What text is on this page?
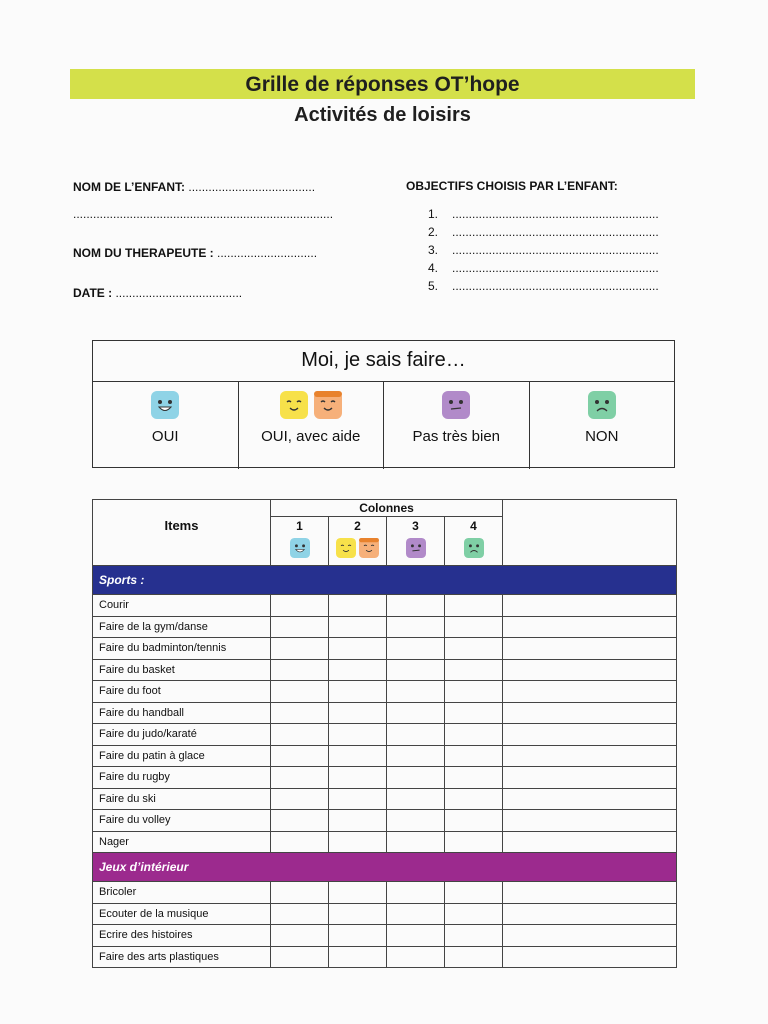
Grille de réponses OT’hope
Activités de loisirs
NOM DE L’ENFANT: ......................................
..............................................................................
NOM DU THERAPEUTE : ..............................
DATE : ......................................
OBJECTIFS CHOISIS PAR L’ENFANT:
1. ..............................................................
2. ..............................................................
3. ..............................................................
4. ..............................................................
5. ..............................................................
Moi, je sais faire…
OUI	OUI, avec aide	Pas très bien	NON
Items	Colonnes				

	1	2	3	4	

Sports :					
Courir					
Faire de la gym/danse					
Faire du badminton/tennis					
Faire du basket					
Faire du foot					
Faire du handball					
Faire du judo/karaté					
Faire du patin à glace					
Faire du rugby					
Faire du ski					
Faire du volley					
Nager					
Jeux d’intérieur					
Bricoler					
Ecouter de la musique					
Ecrire des histoires					
Faire des arts plastiques					
